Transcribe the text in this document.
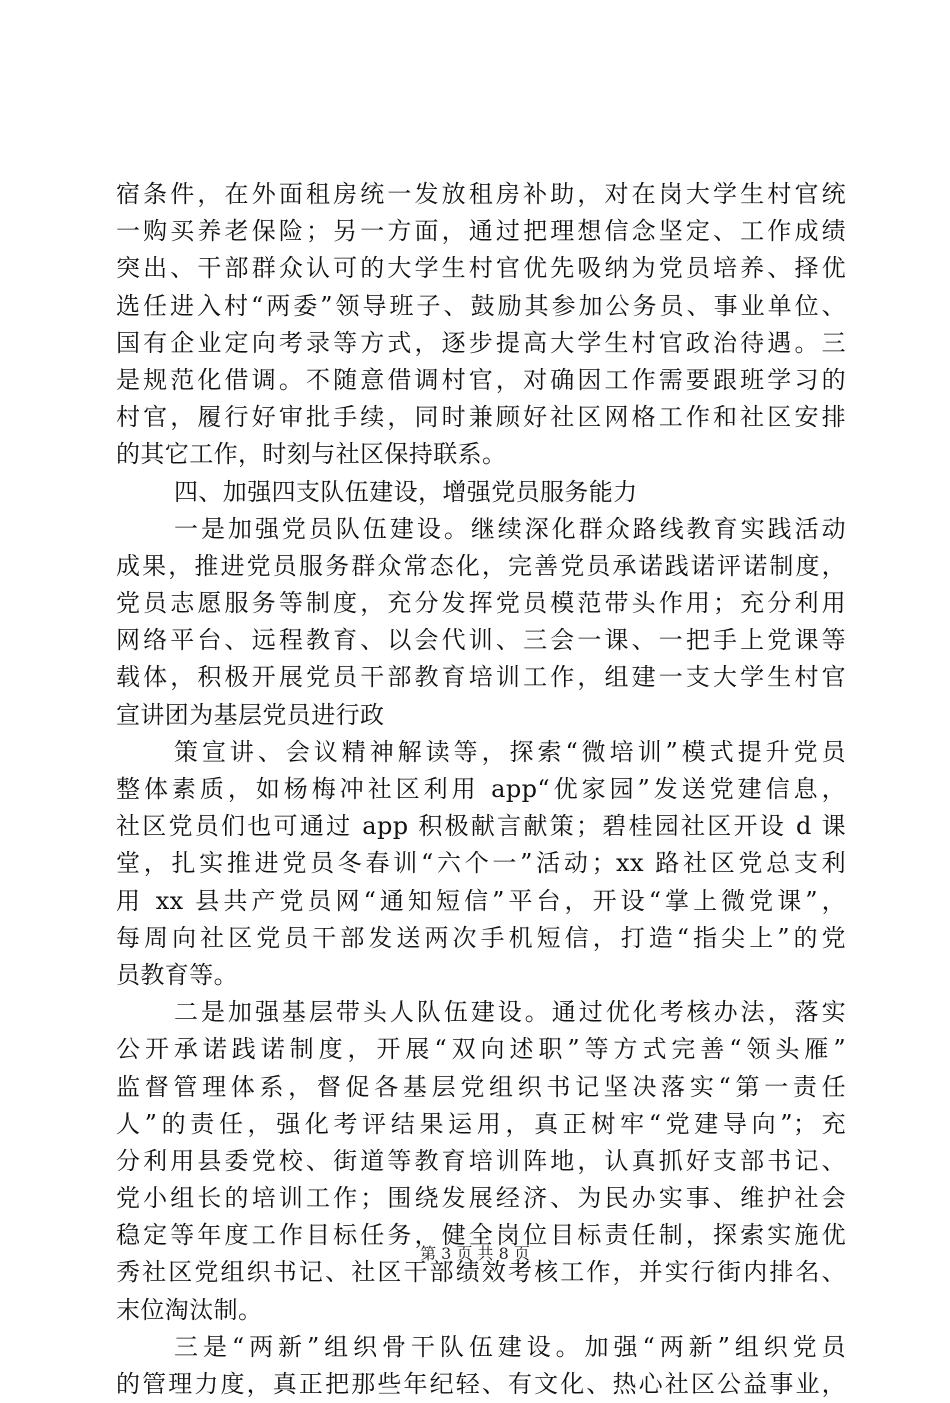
宿条件，在外面租房统一发放租房补助，对在岗大学生村官统
一购买养老保险；另一方面，通过把理想信念坚定、工作成绩
突出、干部群众认可的大学生村官优先吸纳为党员培养、择优
选任进入村“两委”领导班子、鼓励其参加公务员、事业单位、
国有企业定向考录等方式，逐步提高大学生村官政治待遇。三
是规范化借调。不随意借调村官，对确因工作需要跟班学习的
村官，履行好审批手续，同时兼顾好社区网格工作和社区安排
的其它工作，时刻与社区保持联系。
四、加强四支队伍建设，增强党员服务能力
一是加强党员队伍建设。继续深化群众路线教育实践活动
成果，推进党员服务群众常态化，完善党员承诺践诺评诺制度，
党员志愿服务等制度，充分发挥党员模范带头作用；充分利用
网络平台、远程教育、以会代训、三会一课、一把手上党课等
载体，积极开展党员干部教育培训工作，组建一支大学生村官
宣讲团为基层党员进行政
策宣讲、会议精神解读等，探索“微培训”模式提升党员
整体素质，如杨梅冲社区利用 app“优家园”发送党建信息，
社区党员们也可通过 app 积极献言献策；碧桂园社区开设 d 课
堂，扎实推进党员冬春训“六个一”活动；xx 路社区党总支利
用 xx 县共产党员网“通知短信”平台，开设“掌上微党课”，
每周向社区党员干部发送两次手机短信，打造“指尖上”的党
员教育等。
二是加强基层带头人队伍建设。通过优化考核办法，落实
公开承诺践诺制度，开展“双向述职”等方式完善“领头雁”
监督管理体系，督促各基层党组织书记坚决落实“第一责任
人”的责任，强化考评结果运用，真正树牢“党建导向”；充
分利用县委党校、街道等教育培训阵地，认真抓好支部书记、
党小组长的培训工作；围绕发展经济、为民办实事、维护社会
稳定等年度工作目标任务，健全岗位目标责任制，探索实施优
秀社区党组织书记、社区干部绩效考核工作，并实行街内排名、
末位淘汰制。
三是“两新”组织骨干队伍建设。加强“两新”组织党员
的管理力度，真正把那些年纪轻、有文化、热心社区公益事业，
第 3 页 共 8 页
